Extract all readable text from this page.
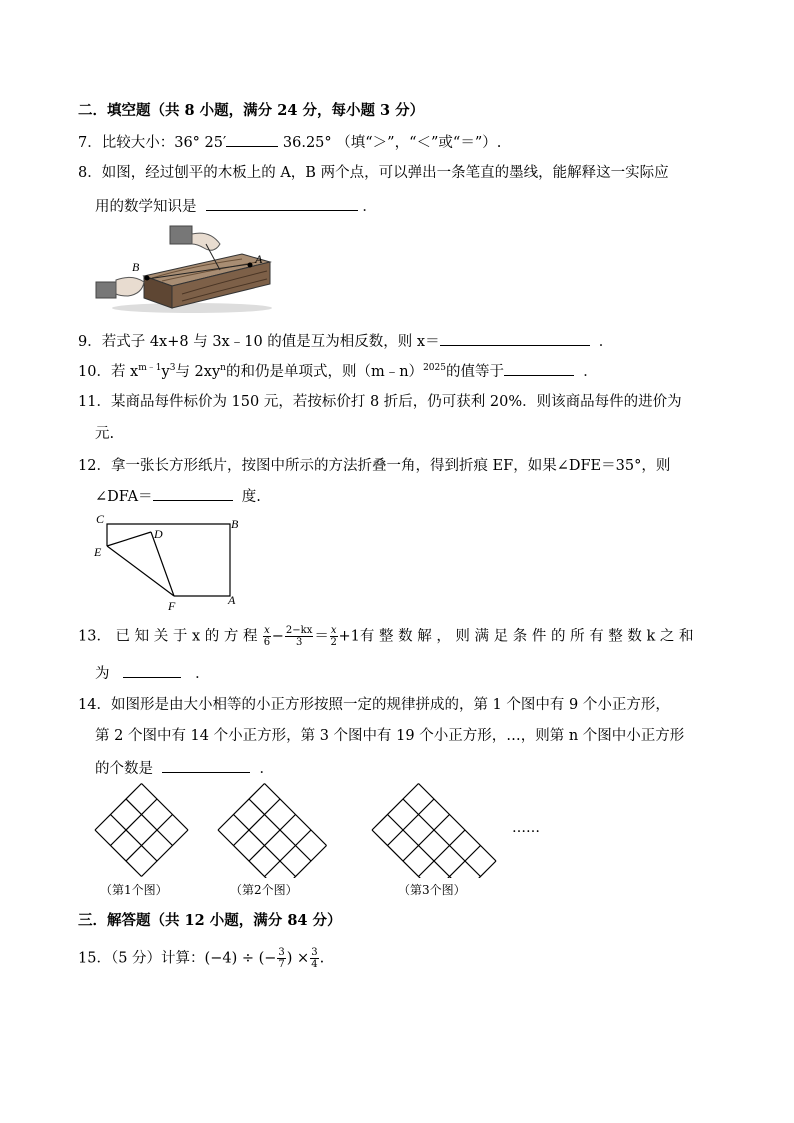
二．填空题（共 8 小题，满分 24 分，每小题 3 分）
7．比较大小：36° 25′	36.25° （填“＞”，“＜”或“＝”）.
8．如图，经过刨平的木板上的 A，B 两个点，可以弹出一条笔直的墨线，能解释这一实际应
用的数学知识是	．
B
A
9．若式子 4x+8 与 3x﹣10 的值是互为相反数，则 x＝	．
10．若 $x^{m﹣1}y^3$与 $2xy^n$的和仍是单项式，则（m﹣n）$^{2025}$的值等于	．
11．某商品每件标价为 150 元，若按标价打 8 折后，仍可获利 20%．则该商品每件的进价为
元.
12．拿一张长方形纸片，按图中所示的方法折叠一角，得到折痕 EF，如果∠DFE＝35°，则
∠DFA＝	度.
C	B
D
E
F	A
13． 已 知 关 于 x 的 方 程 $\frac{x}{6} - \frac{2-kx}{3} = \frac{x}{2} +1$有 整 数 解 ， 则 满 足 条 件 的 所 有 整 数 k 之 和
为	．
14．如图形是由大小相等的小正方形按照一定的规律拼成的，第 1 个图中有 9 个小正方形，
第 2 个图中有 14 个小正方形，第 3 个图中有 19 个小正方形，…，则第 n 个图中小正方形
的个数是	．
……
（第1个图）	（第2个图）	（第3个图）
三．解答题（共 12 小题，满分 84 分）
15．（5 分）计算：(−4) ÷ (− $\frac{3}{7}$ ) × $\frac{3}{4}$ .
